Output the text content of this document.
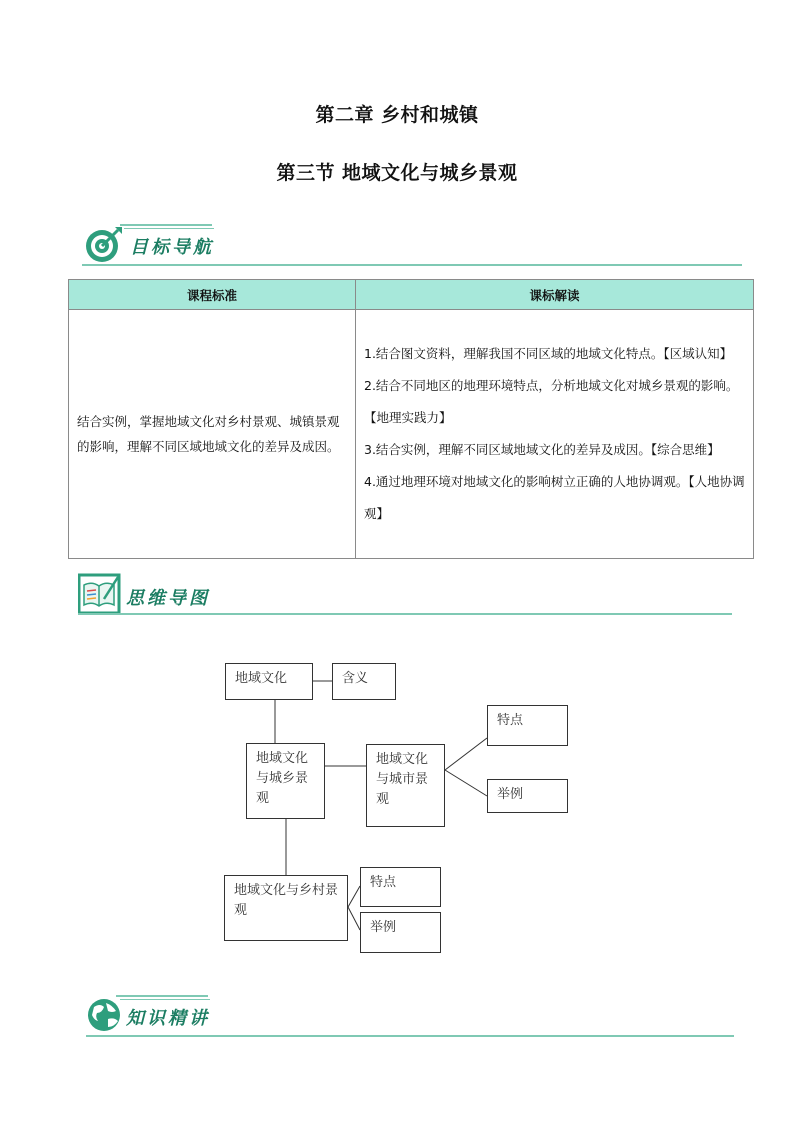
第二章 乡村和城镇
第三节 地域文化与城乡景观
目标导航
课程标准	课标解读
结合实例，掌握地域文化对乡村景观、城镇景观的影响，理解不同区域地域文化的差异及成因。	1.结合图文资料，理解我国不同区域的地域文化特点。【区域认知】

2.结合不同地区的地理环境特点，分析地域文化对城乡景观的影响。【地理实践力】

3.结合实例，理解不同区域地域文化的差异及成因。【综合思维】

4.通过地理环境对地域文化的影响树立正确的人地协调观。【人地协调观】

思维导图
地域文化	含义
地域文化与城乡景观
地域文化与城市景观
特点
举例
地域文化与乡村景观
特点
举例
知识精讲
